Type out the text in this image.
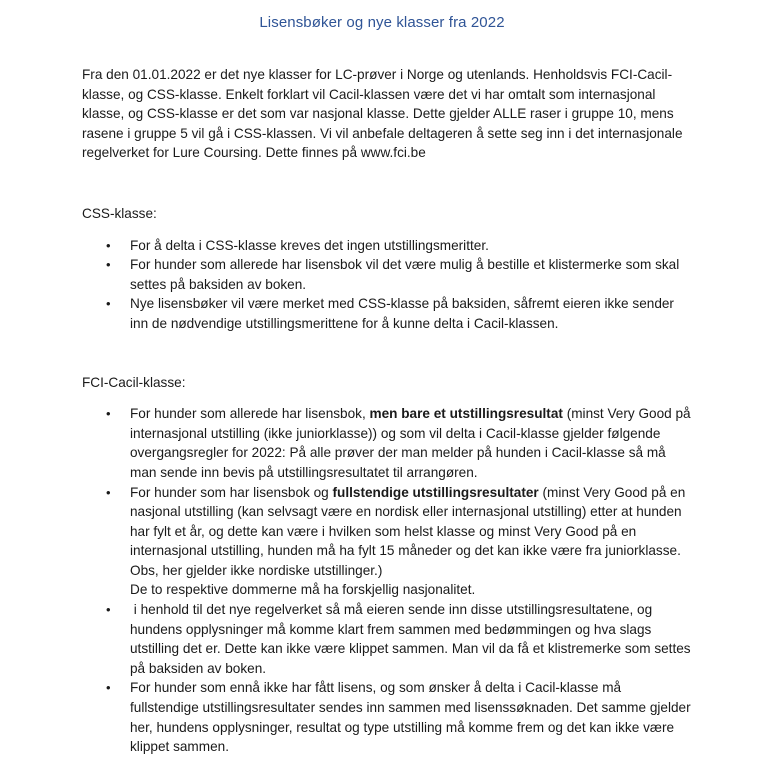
Lisensbøker og nye klasser fra 2022

Fra den 01.01.2022 er det nye klasser for LC-prøver i Norge og utenlands. Henholdsvis FCI-Cacil-klasse, og CSS-klasse. Enkelt forklart vil Cacil-klassen være det vi har omtalt som internasjonal klasse, og CSS-klasse er det som var nasjonal klasse. Dette gjelder ALLE raser i gruppe 10, mens rasene i gruppe 5 vil gå i CSS-klassen. Vi vil anbefale deltageren å sette seg inn i det internasjonale regelverket for Lure Coursing. Dette finnes på www.fci.be

CSS-klasse:

• For å delta i CSS-klasse kreves det ingen utstillingsmeritter.
• For hunder som allerede har lisensbok vil det være mulig å bestille et klistermerke som skal settes på baksiden av boken.
• Nye lisensbøker vil være merket med CSS-klasse på baksiden, såfremt eieren ikke sender inn de nødvendige utstillingsmerittene for å kunne delta i Cacil-klassen.

FCI-Cacil-klasse:

• For hunder som allerede har lisensbok, men bare et utstillingsresultat (minst Very Good på internasjonal utstilling (ikke juniorklasse)) og som vil delta i Cacil-klasse gjelder følgende overgangsregler for 2022: På alle prøver der man melder på hunden i Cacil-klasse så må man sende inn bevis på utstillingsresultatet til arrangøren.
• For hunder som har lisensbok og fullstendige utstillingsresultater (minst Very Good på en nasjonal utstilling (kan selvsagt være en nordisk eller internasjonal utstilling) etter at hunden har fylt et år, og dette kan være i hvilken som helst klasse og minst Very Good på en internasjonal utstilling, hunden må ha fylt 15 måneder og det kan ikke være fra juniorklasse. Obs, her gjelder ikke nordiske utstillinger.)
De to respektive dommerne må ha forskjellig nasjonalitet.
• i henhold til det nye regelverket så må eieren sende inn disse utstillingsresultatene, og hundens opplysninger må komme klart frem sammen med bedømmingen og hva slags utstilling det er. Dette kan ikke være klippet sammen. Man vil da få et klistremerke som settes på baksiden av boken.
• For hunder som ennå ikke har fått lisens, og som ønsker å delta i Cacil-klasse må fullstendige utstillingsresultater sendes inn sammen med lisenssøknaden. Det samme gjelder her, hundens opplysninger, resultat og type utstilling må komme frem og det kan ikke være klippet sammen.
